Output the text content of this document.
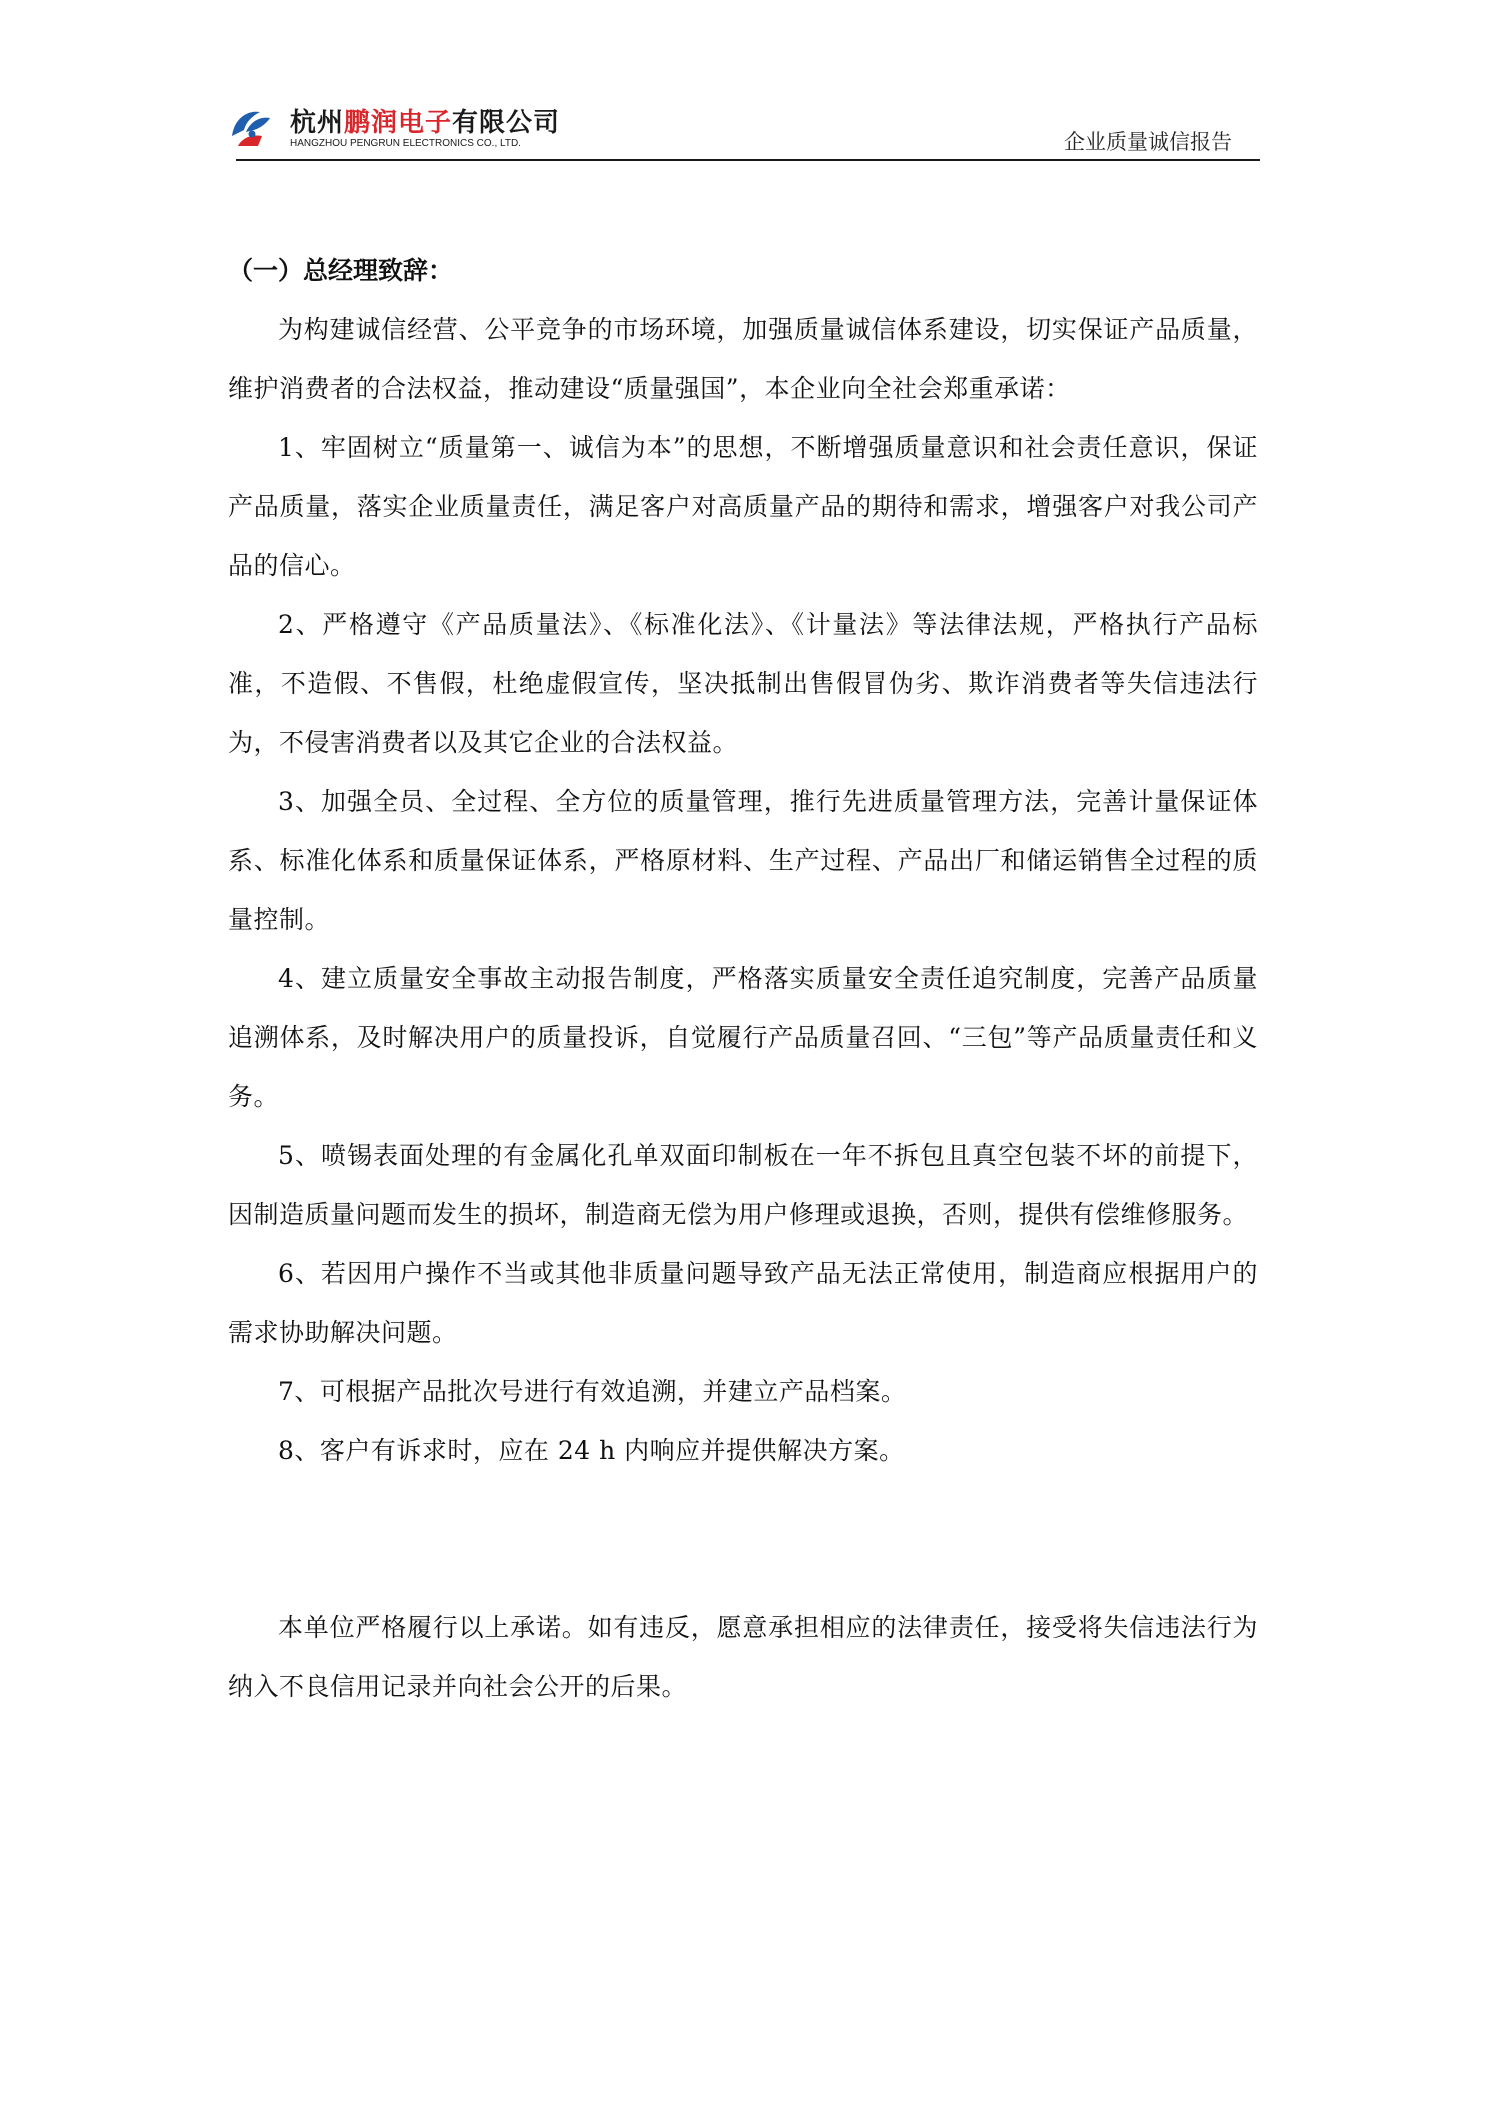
杭州鹏润电子有限公司
HANGZHOU PENGRUN ELECTRONICS CO., LTD.	企业质量诚信报告
（一）总经理致辞：

为构建诚信经营、公平竞争的市场环境，加强质量诚信体系建设，切实保证产品质量，维护消费者的合法权益，推动建设“质量强国”，本企业向全社会郑重承诺：

1、牢固树立“质量第一、诚信为本”的思想，不断增强质量意识和社会责任意识，保证产品质量，落实企业质量责任，满足客户对高质量产品的期待和需求，增强客户对我公司产品的信心。

2、严格遵守《产品质量法》、《标准化法》、《计量法》等法律法规，严格执行产品标准，不造假、不售假，杜绝虚假宣传，坚决抵制出售假冒伪劣、欺诈消费者等失信违法行为，不侵害消费者以及其它企业的合法权益。

3、加强全员、全过程、全方位的质量管理，推行先进质量管理方法，完善计量保证体系、标准化体系和质量保证体系，严格原材料、生产过程、产品出厂和储运销售全过程的质量控制。

4、建立质量安全事故主动报告制度，严格落实质量安全责任追究制度，完善产品质量追溯体系，及时解决用户的质量投诉，自觉履行产品质量召回、“三包”等产品质量责任和义务。

5、喷锡表面处理的有金属化孔单双面印制板在一年不拆包且真空包装不坏的前提下，因制造质量问题而发生的损坏，制造商无偿为用户修理或退换，否则，提供有偿维修服务。

6、若因用户操作不当或其他非质量问题导致产品无法正常使用，制造商应根据用户的需求协助解决问题。

7、可根据产品批次号进行有效追溯，并建立产品档案。

8、客户有诉求时，应在 24 h 内响应并提供解决方案。

本单位严格履行以上承诺。如有违反，愿意承担相应的法律责任，接受将失信违法行为纳入不良信用记录并向社会公开的后果。
